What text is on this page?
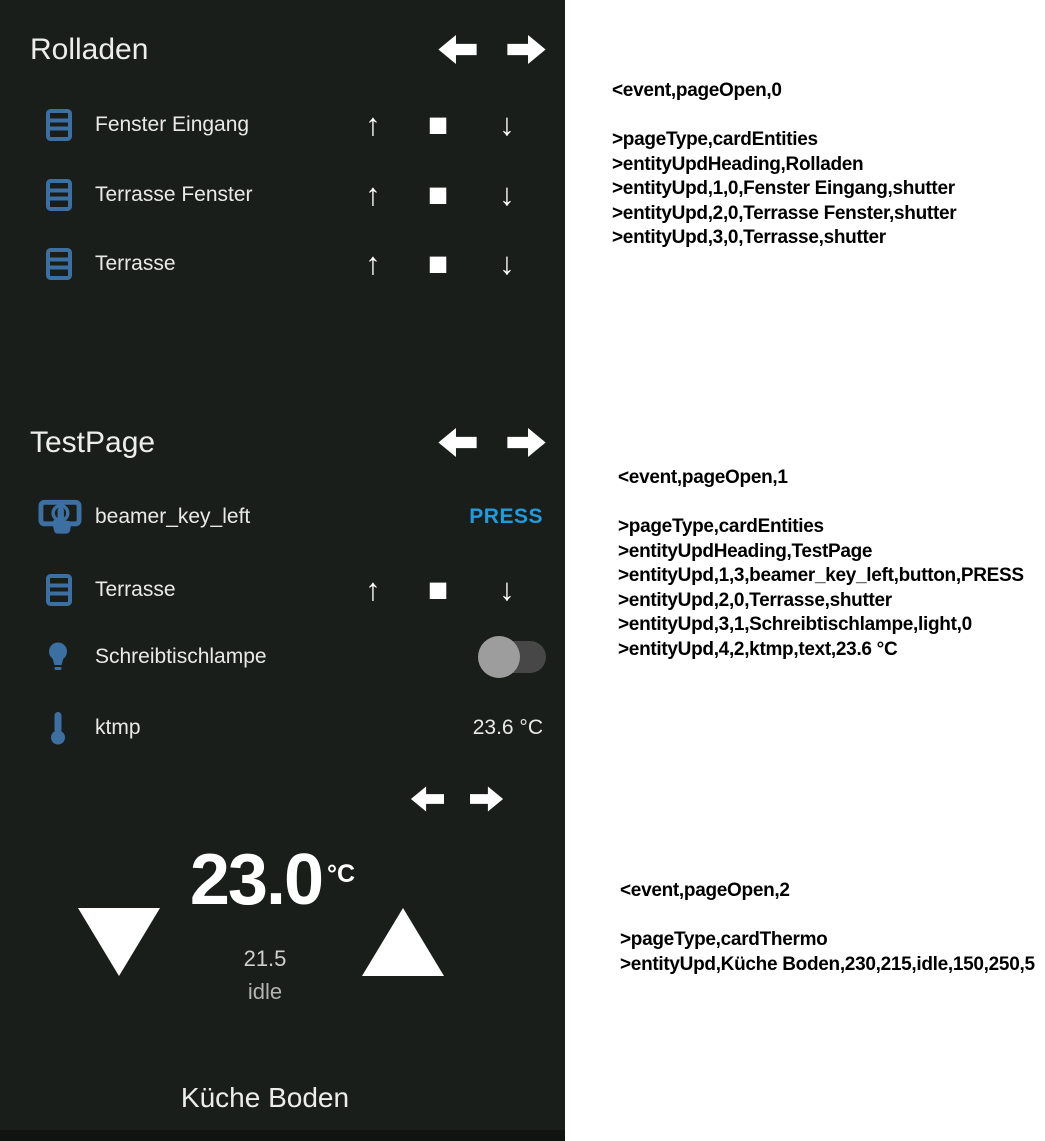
Rolladen
Fenster Eingang	↑	■	↓
Terrasse Fenster	↑	■	↓
Terrasse	↑	■	↓
TestPage
beamer_key_left	PRESS
Terrasse	↑	■	↓
Schreibtischlampe
ktmp	23.6 °C
23.0 °C
21.5
idle
Küche Boden
<event,pageOpen,0
>pageType,cardEntities
>entityUpdHeading,Rolladen
>entityUpd,1,0,Fenster Eingang,shutter
>entityUpd,2,0,Terrasse Fenster,shutter
>entityUpd,3,0,Terrasse,shutter
<event,pageOpen,1
>pageType,cardEntities
>entityUpdHeading,TestPage
>entityUpd,1,3,beamer_key_left,button,PRESS
>entityUpd,2,0,Terrasse,shutter
>entityUpd,3,1,Schreibtischlampe,light,0
>entityUpd,4,2,ktmp,text,23.6 °C
<event,pageOpen,2
>pageType,cardThermo
>entityUpd,Küche Boden,230,215,idle,150,250,5
